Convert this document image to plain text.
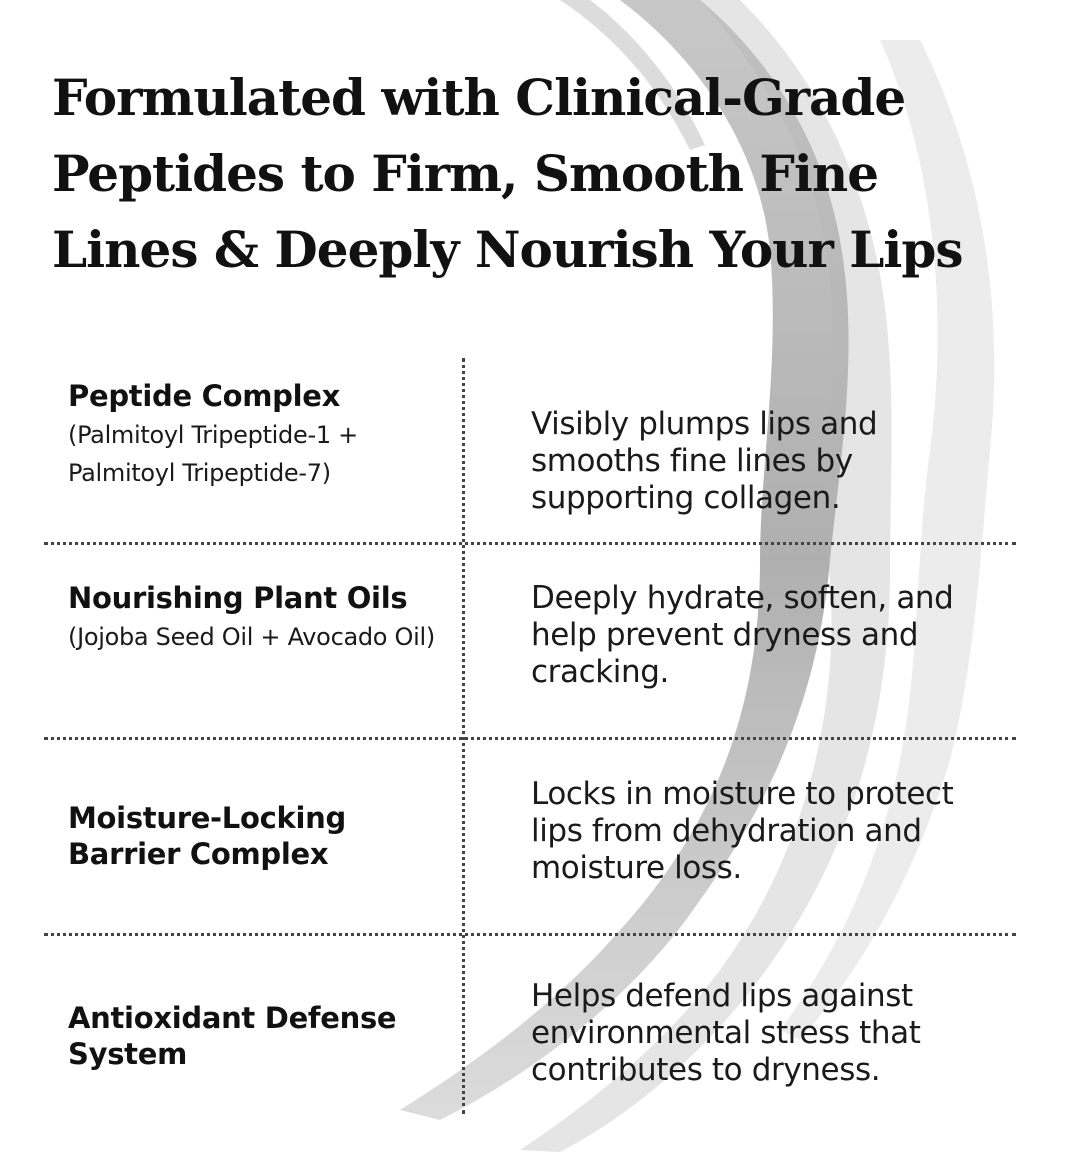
Formulated with Clinical-Grade Peptides to Firm, Smooth Fine Lines & Deeply Nourish Your Lips
Peptide Complex
(Palmitoyl Tripeptide-1 + Palmitoyl Tripeptide-7)
Visibly plumps lips and smooths fine lines by supporting collagen.
Nourishing Plant Oils
(Jojoba Seed Oil + Avocado Oil)
Deeply hydrate, soften, and help prevent dryness and cracking.
Moisture-Locking Barrier Complex
Locks in moisture to protect lips from dehydration and moisture loss.
Antioxidant Defense System
Helps defend lips against environmental stress that contributes to dryness.
